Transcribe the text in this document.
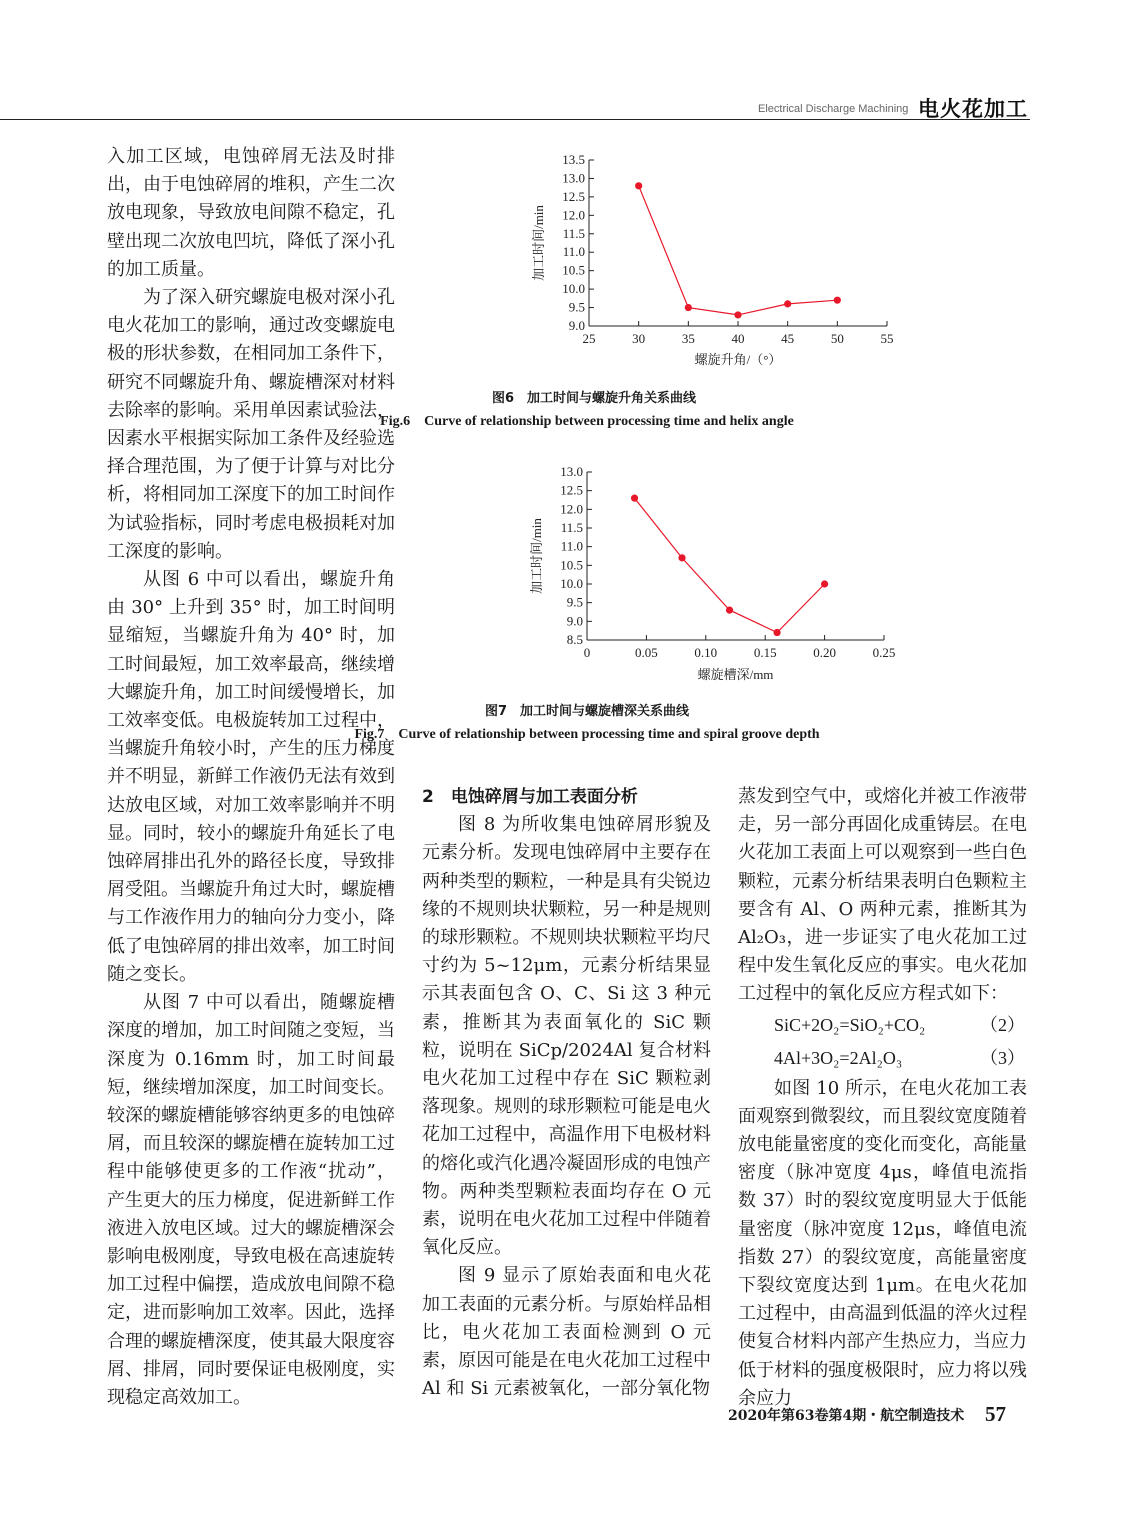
Electrical Discharge Machining 电火花加工

入加工区域，电蚀碎屑无法及时排出，由于电蚀碎屑的堆积，产生二次放电现象，导致放电间隙不稳定，孔壁出现二次放电凹坑，降低了深小孔的加工质量。

为了深入研究螺旋电极对深小孔电火花加工的影响，通过改变螺旋电极的形状参数，在相同加工条件下，研究不同螺旋升角、螺旋槽深对材料去除率的影响。采用单因素试验法，因素水平根据实际加工条件及经验选择合理范围，为了便于计算与对比分析，将相同加工深度下的加工时间作为试验指标，同时考虑电极损耗对加工深度的影响。

从图 6 中可以看出，螺旋升角由 30° 上升到 35° 时，加工时间明显缩短，当螺旋升角为 40° 时，加工时间最短，加工效率最高，继续增大螺旋升角，加工时间缓慢增长，加工效率变低。电极旋转加工过程中，当螺旋升角较小时，产生的压力梯度并不明显，新鲜工作液仍无法有效到达放电区域，对加工效率影响并不明显。同时，较小的螺旋升角延长了电蚀碎屑排出孔外的路径长度，导致排屑受阻。当螺旋升角过大时，螺旋槽与工作液作用力的轴向分力变小，降低了电蚀碎屑的排出效率，加工时间随之变长。

从图 7 中可以看出，随螺旋槽深度的增加，加工时间随之变短，当深度为 0.16mm 时，加工时间最短，继续增加深度，加工时间变长。较深的螺旋槽能够容纳更多的电蚀碎屑，而且较深的螺旋槽在旋转加工过程中能够使更多的工作液“扰动”，产生更大的压力梯度，促进新鲜工作液进入放电区域。过大的螺旋槽深会影响电极刚度，导致电极在高速旋转加工过程中偏摆，造成放电间隙不稳定，进而影响加工效率。因此，选择合理的螺旋槽深度，使其最大限度容屑、排屑，同时要保证电极刚度，实现稳定高效加工。

9.0
9.5
10.0
10.5
11.0
11.5
12.0
12.5
13.0
13.5
25	30	35	40	45	50	55
螺旋升角/（°）
加工时间/min
8.5
9.0
9.5
10.0
10.5
11.0
11.5
12.0
12.5
13.0
0	0.05	0.10	0.15	0.20	0.25
螺旋槽深/mm
加工时间/min
图6　加工时间与螺旋升角关系曲线
Fig.6　Curve of relationship between processing time and helix angle
图7　加工时间与螺旋槽深关系曲线
Fig.7　Curve of relationship between processing time and spiral groove depth

2　电蚀碎屑与加工表面分析

图 8 为所收集电蚀碎屑形貌及元素分析。发现电蚀碎屑中主要存在两种类型的颗粒，一种是具有尖锐边缘的不规则块状颗粒，另一种是规则的球形颗粒。不规则块状颗粒平均尺寸约为 5~12μm，元素分析结果显示其表面包含 O、C、Si 这 3 种元素，推断其为表面氧化的 SiC 颗粒，说明在 SiCp/2024Al 复合材料电火花加工过程中存在 SiC 颗粒剥落现象。规则的球形颗粒可能是电火花加工过程中，高温作用下电极材料的熔化或汽化遇冷凝固形成的电蚀产物。两种类型颗粒表面均存在 O 元素，说明在电火花加工过程中伴随着氧化反应。

图 9 显示了原始表面和电火花加工表面的元素分析。与原始样品相比，电火花加工表面检测到 O 元素，原因可能是在电火花加工过程中 Al 和 Si 元素被氧化，一部分氧化物

蒸发到空气中，或熔化并被工作液带走，另一部分再固化成重铸层。在电火花加工表面上可以观察到一些白色颗粒，元素分析结果表明白色颗粒主要含有 Al、O 两种元素，推断其为 Al₂O₃，进一步证实了电火花加工过程中发生氧化反应的事实。电火花加工过程中的氧化反应方程式如下：

SiC+2O₂=SiO₂+CO₂	（2）
4Al+3O₂=2Al₂O₃	（3）

如图 10 所示，在电火花加工表面观察到微裂纹，而且裂纹宽度随着放电能量密度的变化而变化，高能量密度（脉冲宽度 4μs，峰值电流指数 37）时的裂纹宽度明显大于低能量密度（脉冲宽度 12μs，峰值电流指数 27）的裂纹宽度，高能量密度下裂纹宽度达到 1μm。在电火花加工过程中，由高温到低温的淬火过程使复合材料内部产生热应力，当应力低于材料的强度极限时，应力将以残余应力

2020年第63卷第4期・航空制造技术 57
